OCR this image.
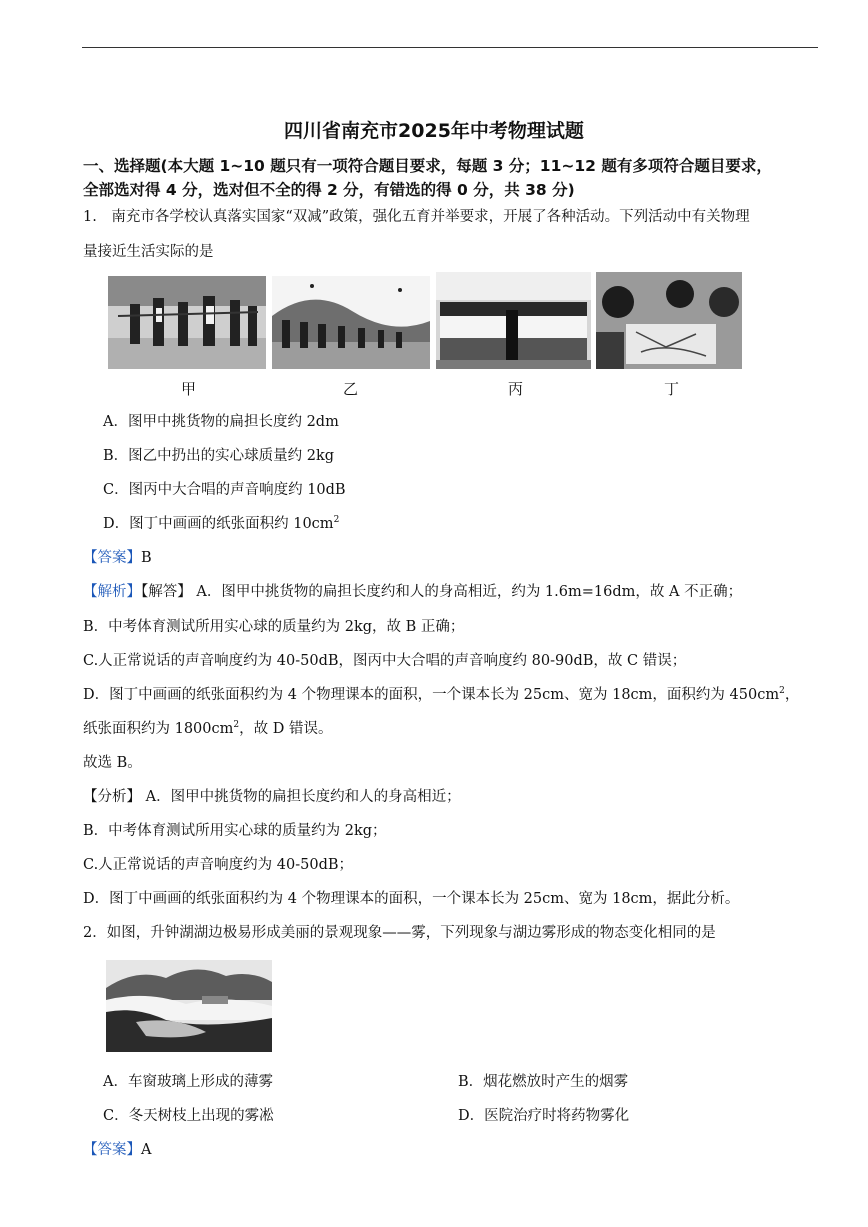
四川省南充市2025年中考物理试题
一、选择题(本大题 1~10 题只有一项符合题目要求，每题 3 分；11~12 题有多项符合题目要求，
全部选对得 4 分，选对但不全的得 2 分，有错选的得 0 分，共 38 分)
1.　南充市各学校认真落实国家“双减”政策，强化五育并举要求，开展了各种活动。下列活动中有关物理
量接近生活实际的是
甲	乙	丙	丁
A．图甲中挑货物的扁担长度约 2dm
B．图乙中扔出的实心球质量约 2kg
C．图丙中大合唱的声音响度约 10dB
D．图丁中画画的纸张面积约 $10cm^2$
【答案】B
【解析】【解答】 A．图甲中挑货物的扁担长度约和人的身高相近，约为 1.6m=16dm，故 A 不正确；
B．中考体育测试所用实心球的质量约为 2kg，故 B 正确；
C.人正常说话的声音响度约为 40-50dB，图丙中大合唱的声音响度约 80-90dB，故 C 错误；
D．图丁中画画的纸张面积约为 4 个物理课本的面积，一个课本长为 25cm、宽为 18cm，面积约为 $450cm^2$，
纸张面积约为 $1800cm^2$，故 D 错误。
故选 B。
【分析】 A．图甲中挑货物的扁担长度约和人的身高相近；
B．中考体育测试所用实心球的质量约为 2kg；
C.人正常说话的声音响度约为 40-50dB；
D．图丁中画画的纸张面积约为 4 个物理课本的面积，一个课本长为 25cm、宽为 18cm，据此分析。
2．如图，升钟湖湖边极易形成美丽的景观现象——雾，下列现象与湖边雾形成的物态变化相同的是
A．车窗玻璃上形成的薄雾	B．烟花燃放时产生的烟雾
C．冬天树枝上出现的雾凇	D．医院治疗时将药物雾化
【答案】A
